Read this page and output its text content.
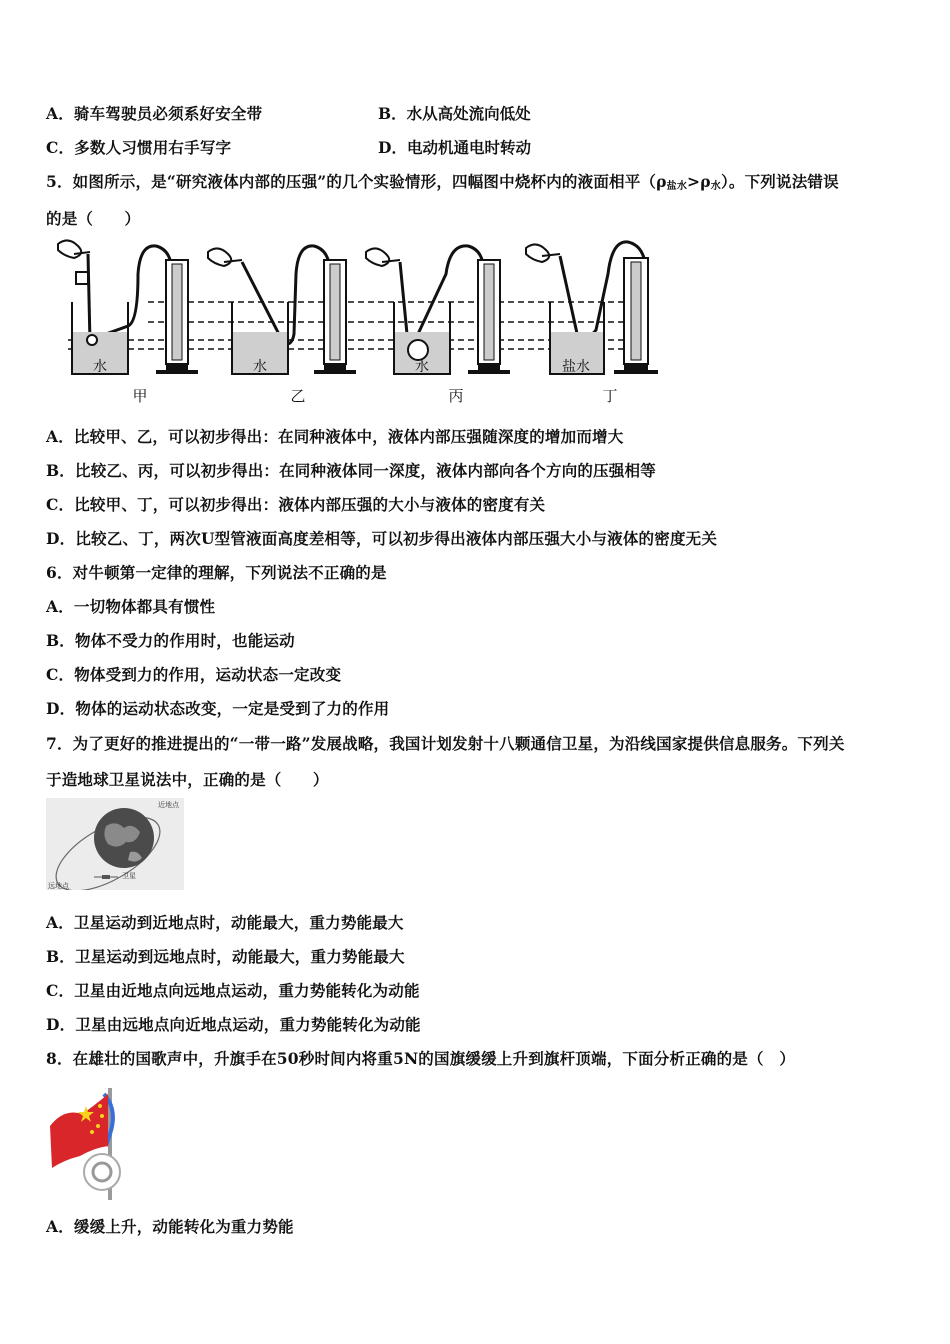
A．骑车驾驶员必须系好安全带	B．水从高处流向低处
C．多数人习惯用右手写字	D．电动机通电时转动
5．如图所示，是“研究液体内部的压强”的几个实验情形，四幅图中烧杯内的液面相平$(\rho_{盐水}>\rho_水)$。下列说法错误
的是（　　）
水	水	水	盐水
甲	乙	丙	丁
A．比较甲、乙，可以初步得出：在同种液体中，液体内部压强随深度的增加而增大
B．比较乙、丙，可以初步得出：在同种液体同一深度，液体内部向各个方向的压强相等
C．比较甲、丁，可以初步得出：液体内部压强的大小与液体的密度有关
D．比较乙、丁，两次U型管液面高度差相等，可以初步得出液体内部压强大小与液体的密度无关
6．对牛顿第一定律的理解，下列说法不正确的是
A．一切物体都具有惯性
B．物体不受力的作用时，也能运动
C．物体受到力的作用，运动状态一定改变
D．物体的运动状态改变，一定是受到了力的作用
7．为了更好的推进提出的“一带一路”发展战略，我国计划发射十八颗通信卫星，为沿线国家提供信息服务。下列关
于造地球卫星说法中，正确的是（　　）
近地点
远地点
卫星
A．卫星运动到近地点时，动能最大，重力势能最大
B．卫星运动到远地点时，动能最大，重力势能最大
C．卫星由近地点向远地点运动，重力势能转化为动能
D．卫星由远地点向近地点运动，重力势能转化为动能
8．在雄壮的国歌声中，升旗手在50秒时间内将重5N的国旗缓缓上升到旗杆顶端，下面分析正确的是（　）
A．缓缓上升，动能转化为重力势能
